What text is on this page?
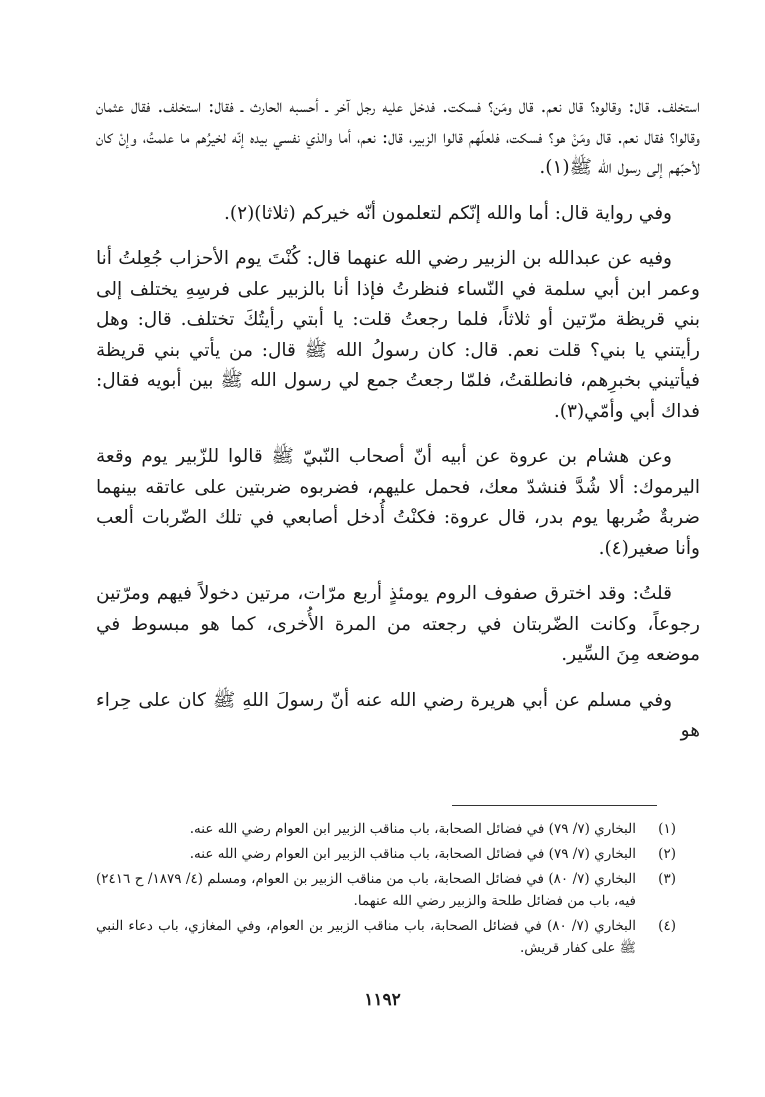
استخلف. قال: وقالوه؟ قال نعم. قال ومَن؟ فسكت. فدخل عليه رجل آخر ـ أحسبه الحارث ـ فقال: استخلف. فقال عثمان وقالوا؟ فقال نعم. قال ومَنْ هو؟ فسكت، فلعلّهم قالوا الزبير، قال: نعم، أما والذي نفسي بيده إنّه لخيرُهم ما علمتُ، وإنْ كان لأحبّهم إلى رسول الله ﷺ(١).

وفي رواية قال: أما والله إنّكم لتعلمون أنّه خيركم (ثلاثا)(٢).

وفيه عن عبدالله بن الزبير رضي الله عنهما قال: كُنْتَ يوم الأحزاب جُعِلتُ أنا وعمر ابن أبي سلمة في النّساء فنظرتُ فإذا أنا بالزبير على فرسِهِ يختلف إلى بني قريظة مرّتين أو ثلاثاً، فلما رجعتُ قلت: يا أبتي رأيتُكَ تختلف. قال: وهل رأيتني يا بني؟ قلت نعم. قال: كان رسولُ الله ﷺ قال: من يأتي بني قريظة فيأتيني بخبرِهم، فانطلقتُ، فلمّا رجعتُ جمع لي رسول الله ﷺ بين أبويه فقال: فداك أبي وأمّي(٣).

وعن هشام بن عروة عن أبيه أنّ أصحاب النّبيّ ﷺ قالوا للزّبير يوم وقعة اليرموك: ألا شُدَّ فنشدّ معك، فحمل عليهم، فضربوه ضربتين على عاتقه بينهما ضربةٌ ضُربها يوم بدر، قال عروة: فكنْتُ أُدخل أصابعي في تلك الضّربات ألعب وأنا صغير(٤).

قلتُ: وقد اخترق صفوف الروم يومئذٍ أربع مرّات، مرتين دخولاً فيهم ومرّتين رجوعاً، وكانت الضّربتان في رجعته من المرة الأُخرى، كما هو مبسوط في موضعه مِنَ السِّير.

وفي مسلم عن أبي هريرة رضي الله عنه أنّ رسولَ اللهِ ﷺ كان على حِراء هو

(١)
البخاري (٧/ ٧٩) في فضائل الصحابة، باب مناقب الزبير ابن العوام رضي الله عنه.
(٢)
البخاري (٧/ ٧٩) في فضائل الصحابة، باب مناقب الزبير ابن العوام رضي الله عنه.
(٣)
البخاري (٧/ ٨٠) في فضائل الصحابة، باب من مناقب الزبير بن العوام، ومسلم (٤/ ١٨٧٩/ ح ٢٤١٦) فيه، باب من فضائل طلحة والزبير رضي الله عنهما.
(٤)
البخاري (٧/ ٨٠) في فضائل الصحابة، باب مناقب الزبير بن العوام، وفي المغازي، باب دعاء النبي ﷺ على كفار قريش.
١١٩٢
